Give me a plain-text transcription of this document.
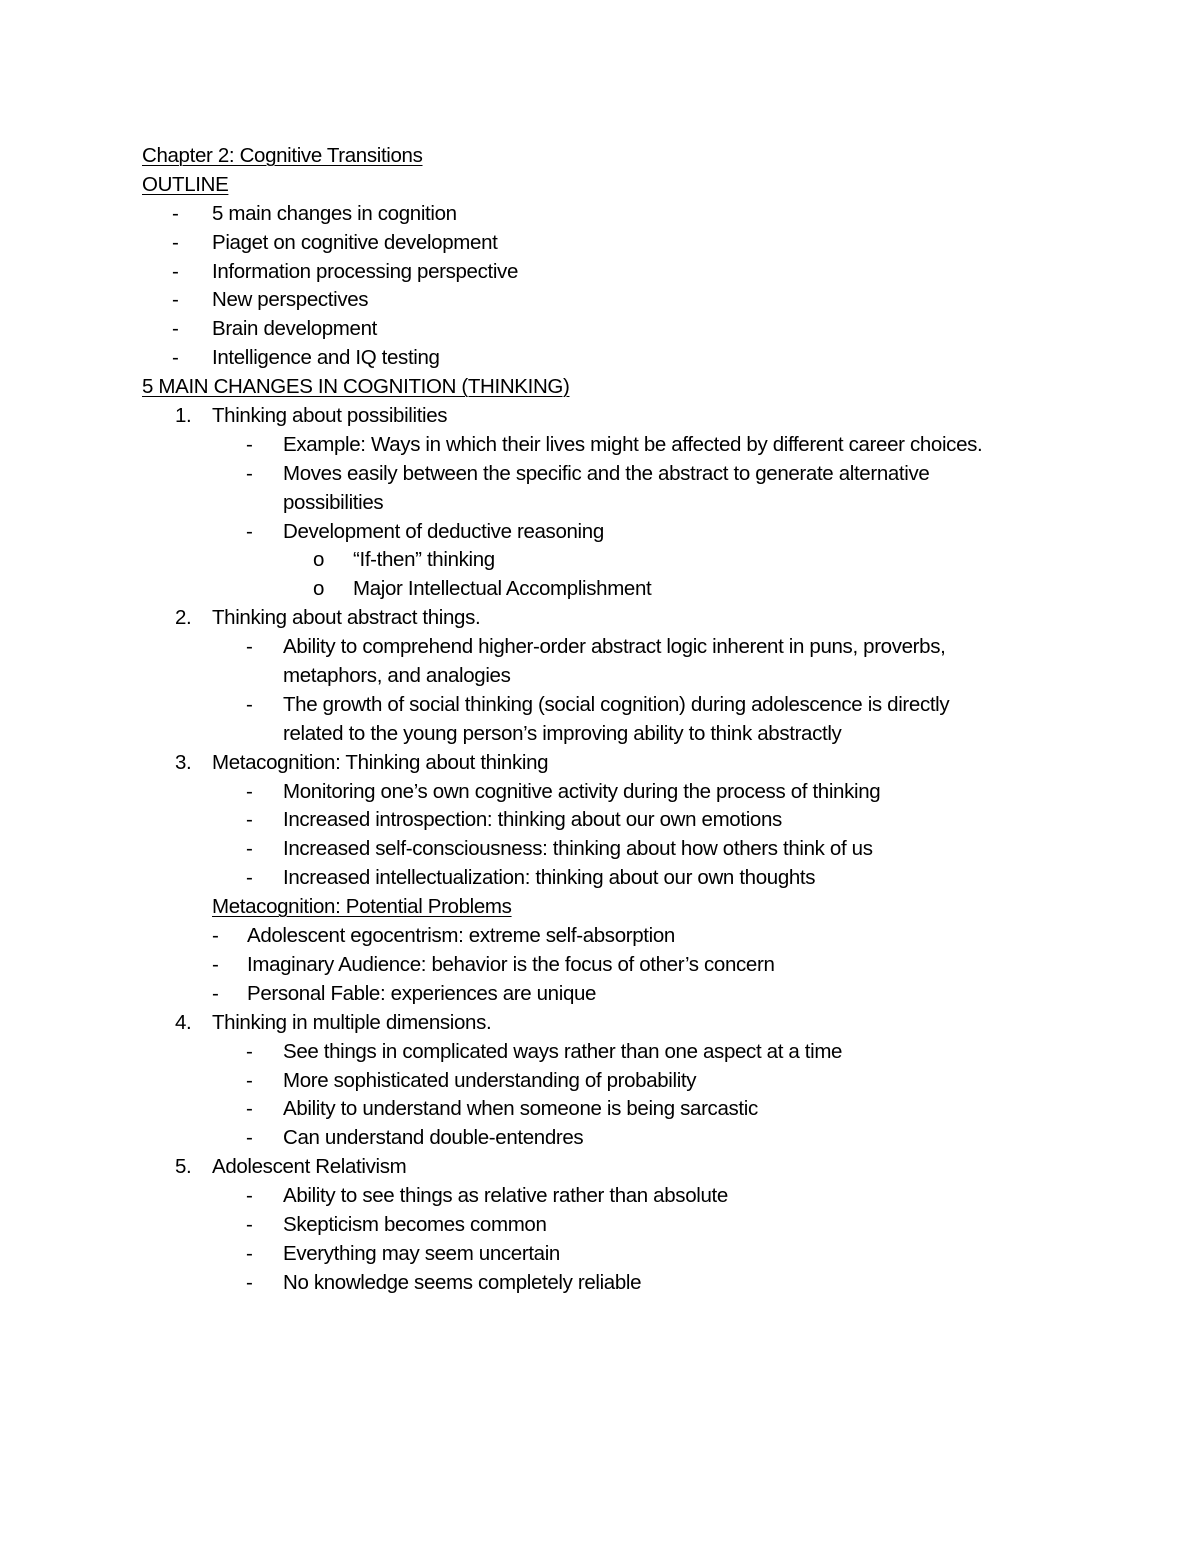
Chapter 2: Cognitive Transitions
OUTLINE
- 5 main changes in cognition
- Piaget on cognitive development
- Information processing perspective
- New perspectives
- Brain development
- Intelligence and IQ testing
5 MAIN CHANGES IN COGNITION (THINKING)
1. Thinking about possibilities
- Example: Ways in which their lives might be affected by different career choices.
- Moves easily between the specific and the abstract to generate alternative
possibilities
- Development of deductive reasoning
o “If-then” thinking
o Major Intellectual Accomplishment
2. Thinking about abstract things.
- Ability to comprehend higher-order abstract logic inherent in puns, proverbs,
metaphors, and analogies
- The growth of social thinking (social cognition) during adolescence is directly
related to the young person’s improving ability to think abstractly
3. Metacognition: Thinking about thinking
- Monitoring one’s own cognitive activity during the process of thinking
- Increased introspection: thinking about our own emotions
- Increased self-consciousness: thinking about how others think of us
- Increased intellectualization: thinking about our own thoughts
Metacognition: Potential Problems
- Adolescent egocentrism: extreme self-absorption
- Imaginary Audience: behavior is the focus of other’s concern
- Personal Fable: experiences are unique
4. Thinking in multiple dimensions.
- See things in complicated ways rather than one aspect at a time
- More sophisticated understanding of probability
- Ability to understand when someone is being sarcastic
- Can understand double-entendres
5. Adolescent Relativism
- Ability to see things as relative rather than absolute
- Skepticism becomes common
- Everything may seem uncertain
- No knowledge seems completely reliable
